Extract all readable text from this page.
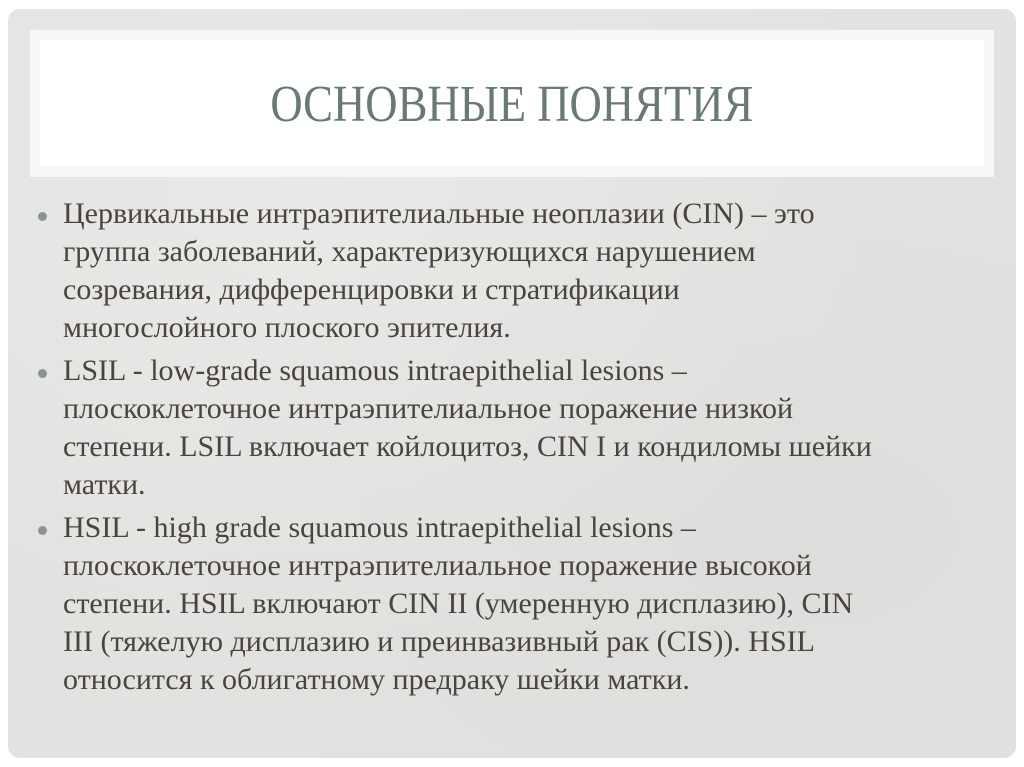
ОСНОВНЫЕ ПОНЯТИЯ
Цервикальные интраэпителиальные неоплазии (CIN) – это
группа заболеваний, характеризующихся нарушением
созревания, дифференцировки и стратификации
многослойного плоского эпителия.
LSIL - low-grade squamous intraepithelial lesions –
плоскоклеточное интраэпителиальное поражение низкой
степени. LSIL включает койлоцитоз, CIN I и кондиломы шейки
матки.
HSIL - high grade squamous intraepithelial lesions –
плоскоклеточное интраэпителиальное поражение высокой
степени. HSIL включают CIN II (умеренную дисплазию), CIN
III (тяжелую дисплазию и преинвазивный рак (CIS)). HSIL
относится к облигатному предраку шейки матки.
